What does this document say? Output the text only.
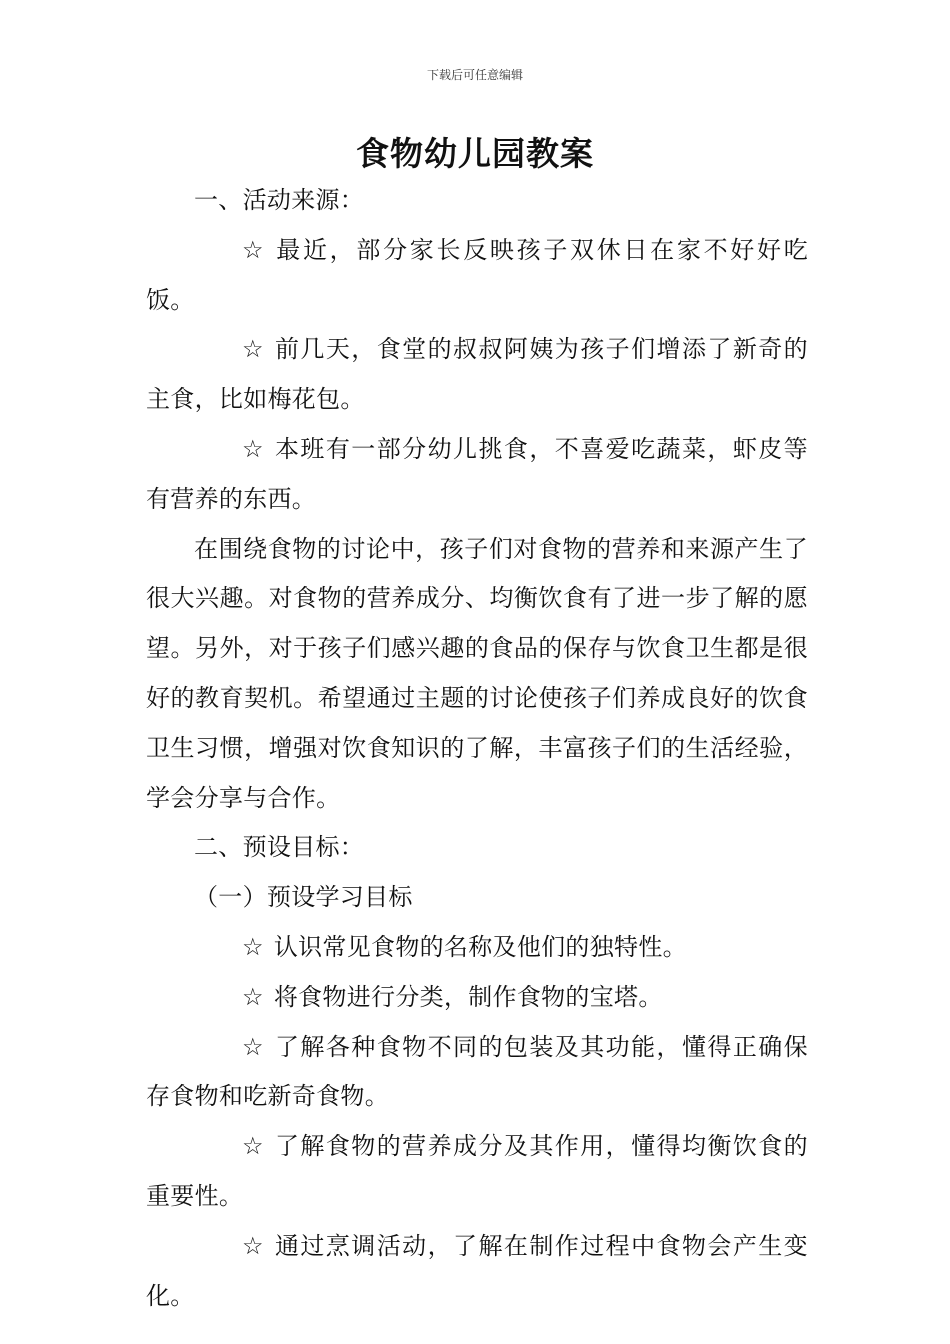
下载后可任意编辑
食物幼儿园教案

一、活动来源：

☆ 最近，部分家长反映孩子双休日在家不好好吃饭。

☆ 前几天，食堂的叔叔阿姨为孩子们增添了新奇的主食，比如梅花包。

☆ 本班有一部分幼儿挑食，不喜爱吃蔬菜，虾皮等有营养的东西。

在围绕食物的讨论中，孩子们对食物的营养和来源产生了很大兴趣。对食物的营养成分、均衡饮食有了进一步了解的愿望。另外，对于孩子们感兴趣的食品的保存与饮食卫生都是很好的教育契机。希望通过主题的讨论使孩子们养成良好的饮食卫生习惯，增强对饮食知识的了解，丰富孩子们的生活经验，学会分享与合作。

二、预设目标：

（一）预设学习目标

☆ 认识常见食物的名称及他们的独特性。

☆ 将食物进行分类，制作食物的宝塔。

☆ 了解各种食物不同的包装及其功能，懂得正确保存食物和吃新奇食物。

☆ 了解食物的营养成分及其作用，懂得均衡饮食的重要性。

☆ 通过烹调活动，了解在制作过程中食物会产生变化。
